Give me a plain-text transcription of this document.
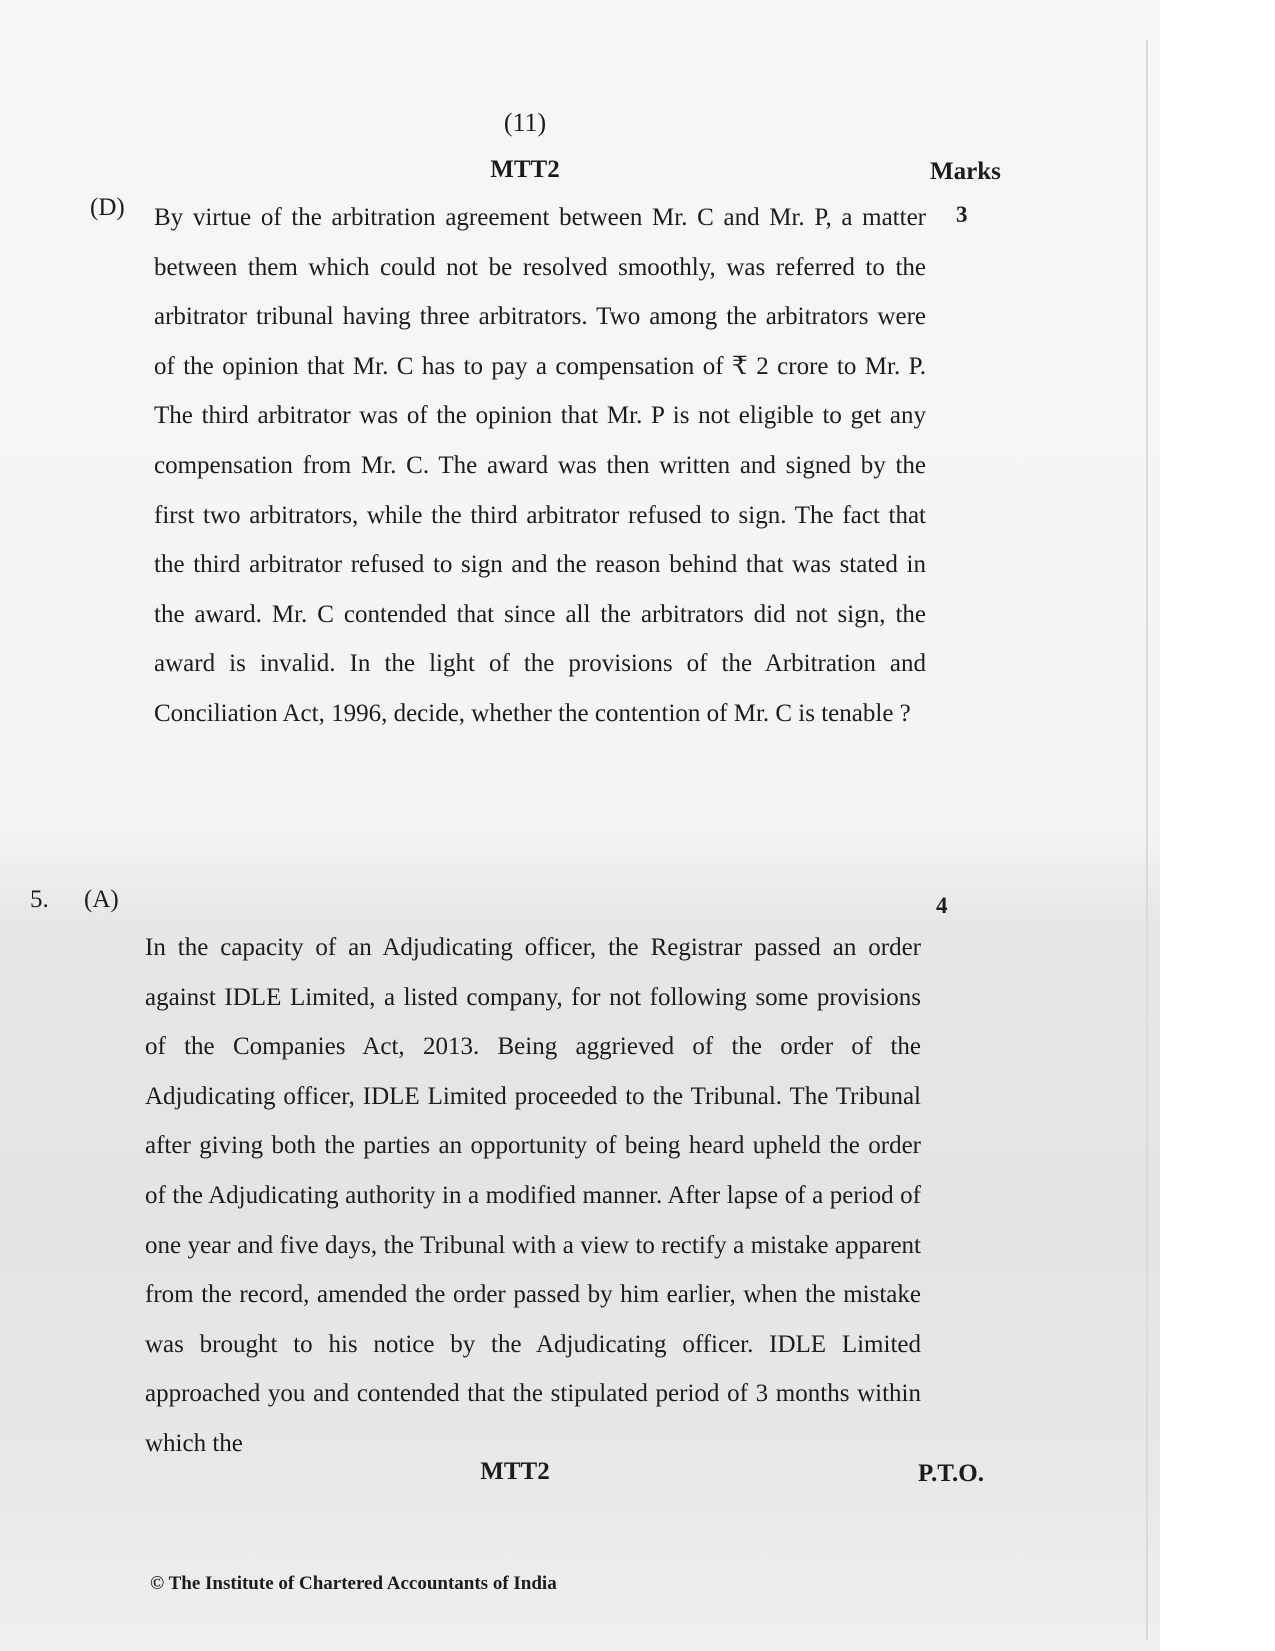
(11)
MTT2	Marks
(D) By virtue of the arbitration agreement between Mr. C and Mr. P, a matter between them which could not be resolved smoothly, was referred to the arbitrator tribunal having three arbitrators. Two among the arbitrators were of the opinion that Mr. C has to pay a compensation of ₹ 2 crore to Mr. P. The third arbitrator was of the opinion that Mr. P is not eligible to get any compensation from Mr. C. The award was then written and signed by the first two arbitrators, while the third arbitrator refused to sign. The fact that the third arbitrator refused to sign and the reason behind that was stated in the award. Mr. C contended that since all the arbitrators did not sign, the award is invalid. In the light of the provisions of the Arbitration and Conciliation Act, 1996, decide, whether the contention of Mr. C is tenable ?

3
5. (A)

In the capacity of an Adjudicating officer, the Registrar passed an order against IDLE Limited, a listed company, for not following some provisions of the Companies Act, 2013. Being aggrieved of the order of the Adjudicating officer, IDLE Limited proceeded to the Tribunal. The Tribunal after giving both the parties an opportunity of being heard upheld the order of the Adjudicating authority in a modified manner. After lapse of a period of one year and five days, the Tribunal with a view to rectify a mistake apparent from the record, amended the order passed by him earlier, when the mistake was brought to his notice by the Adjudicating officer. IDLE Limited approached you and contended that the stipulated period of 3 months within which the

4
MTT2	P.T.O.
© The Institute of Chartered Accountants of India
